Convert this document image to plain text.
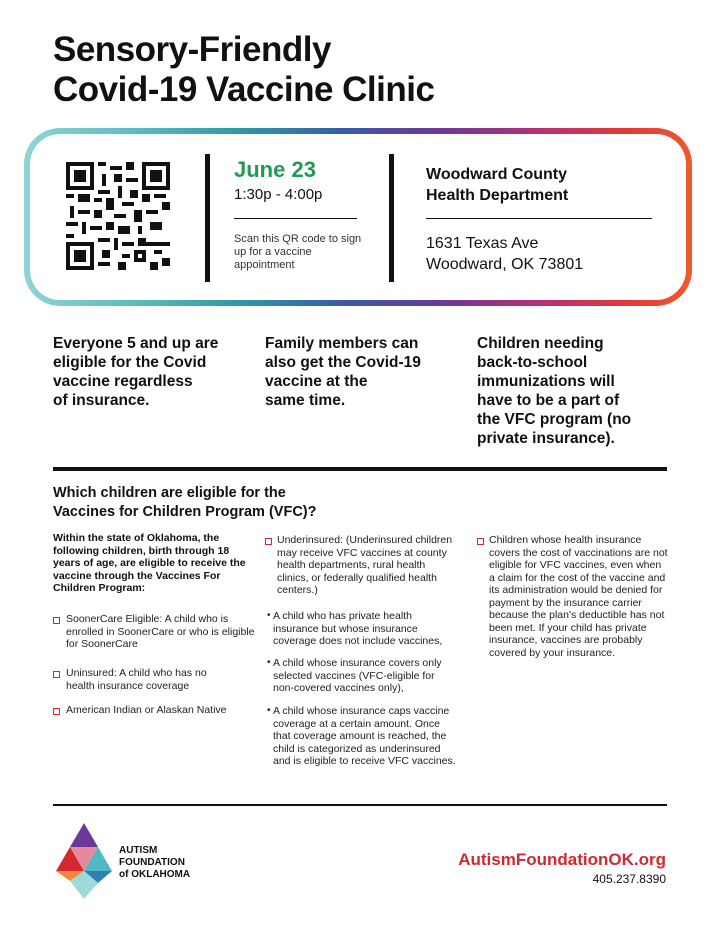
Sensory-Friendly
Covid-19 Vaccine Clinic
June 23
1:30p - 4:00p
Scan this QR code to sign up for a vaccine appointment
Woodward County
Health Department
1631 Texas Ave
Woodward, OK 73801
Everyone 5 and up are
eligible for the Covid
vaccine regardless
of insurance.
Family members can
also get the Covid-19
vaccine at the
same time.
Children needing
back-to-school
immunizations will
have to be a part of
the VFC program (no
private insurance).
Which children are eligible for the
Vaccines for Children Program (VFC)?
Within the state of Oklahoma, the following children, birth through 18 years of age, are eligible to receive the vaccine through the Vaccines For Children Program:
SoonerCare Eligible: A child who is enrolled in SoonerCare or who is eligible for SoonerCare
Uninsured: A child who has no health insurance coverage
American Indian or Alaskan Native
Underinsured: (Underinsured children may receive VFC vaccines at county health departments, rural health clinics, or federally qualified health centers.)
• A child who has private health insurance but whose insurance coverage does not include vaccines,
• A child whose insurance covers only selected vaccines (VFC-eligible for non-covered vaccines only),
• A child whose insurance caps vaccine coverage at a certain amount. Once that coverage amount is reached, the child is categorized as underinsured and is eligible to receive VFC vaccines.
Children whose health insurance covers the cost of vaccinations are not eligible for VFC vaccines, even when a claim for the cost of the vaccine and its administration would be denied for payment by the insurance carrier because the plan's deductible has not been met. If your child has private insurance, vaccines are probably covered by your insurance.
AUTISM
FOUNDATION
of OKLAHOMA
AutismFoundationOK.org
405.237.8390
